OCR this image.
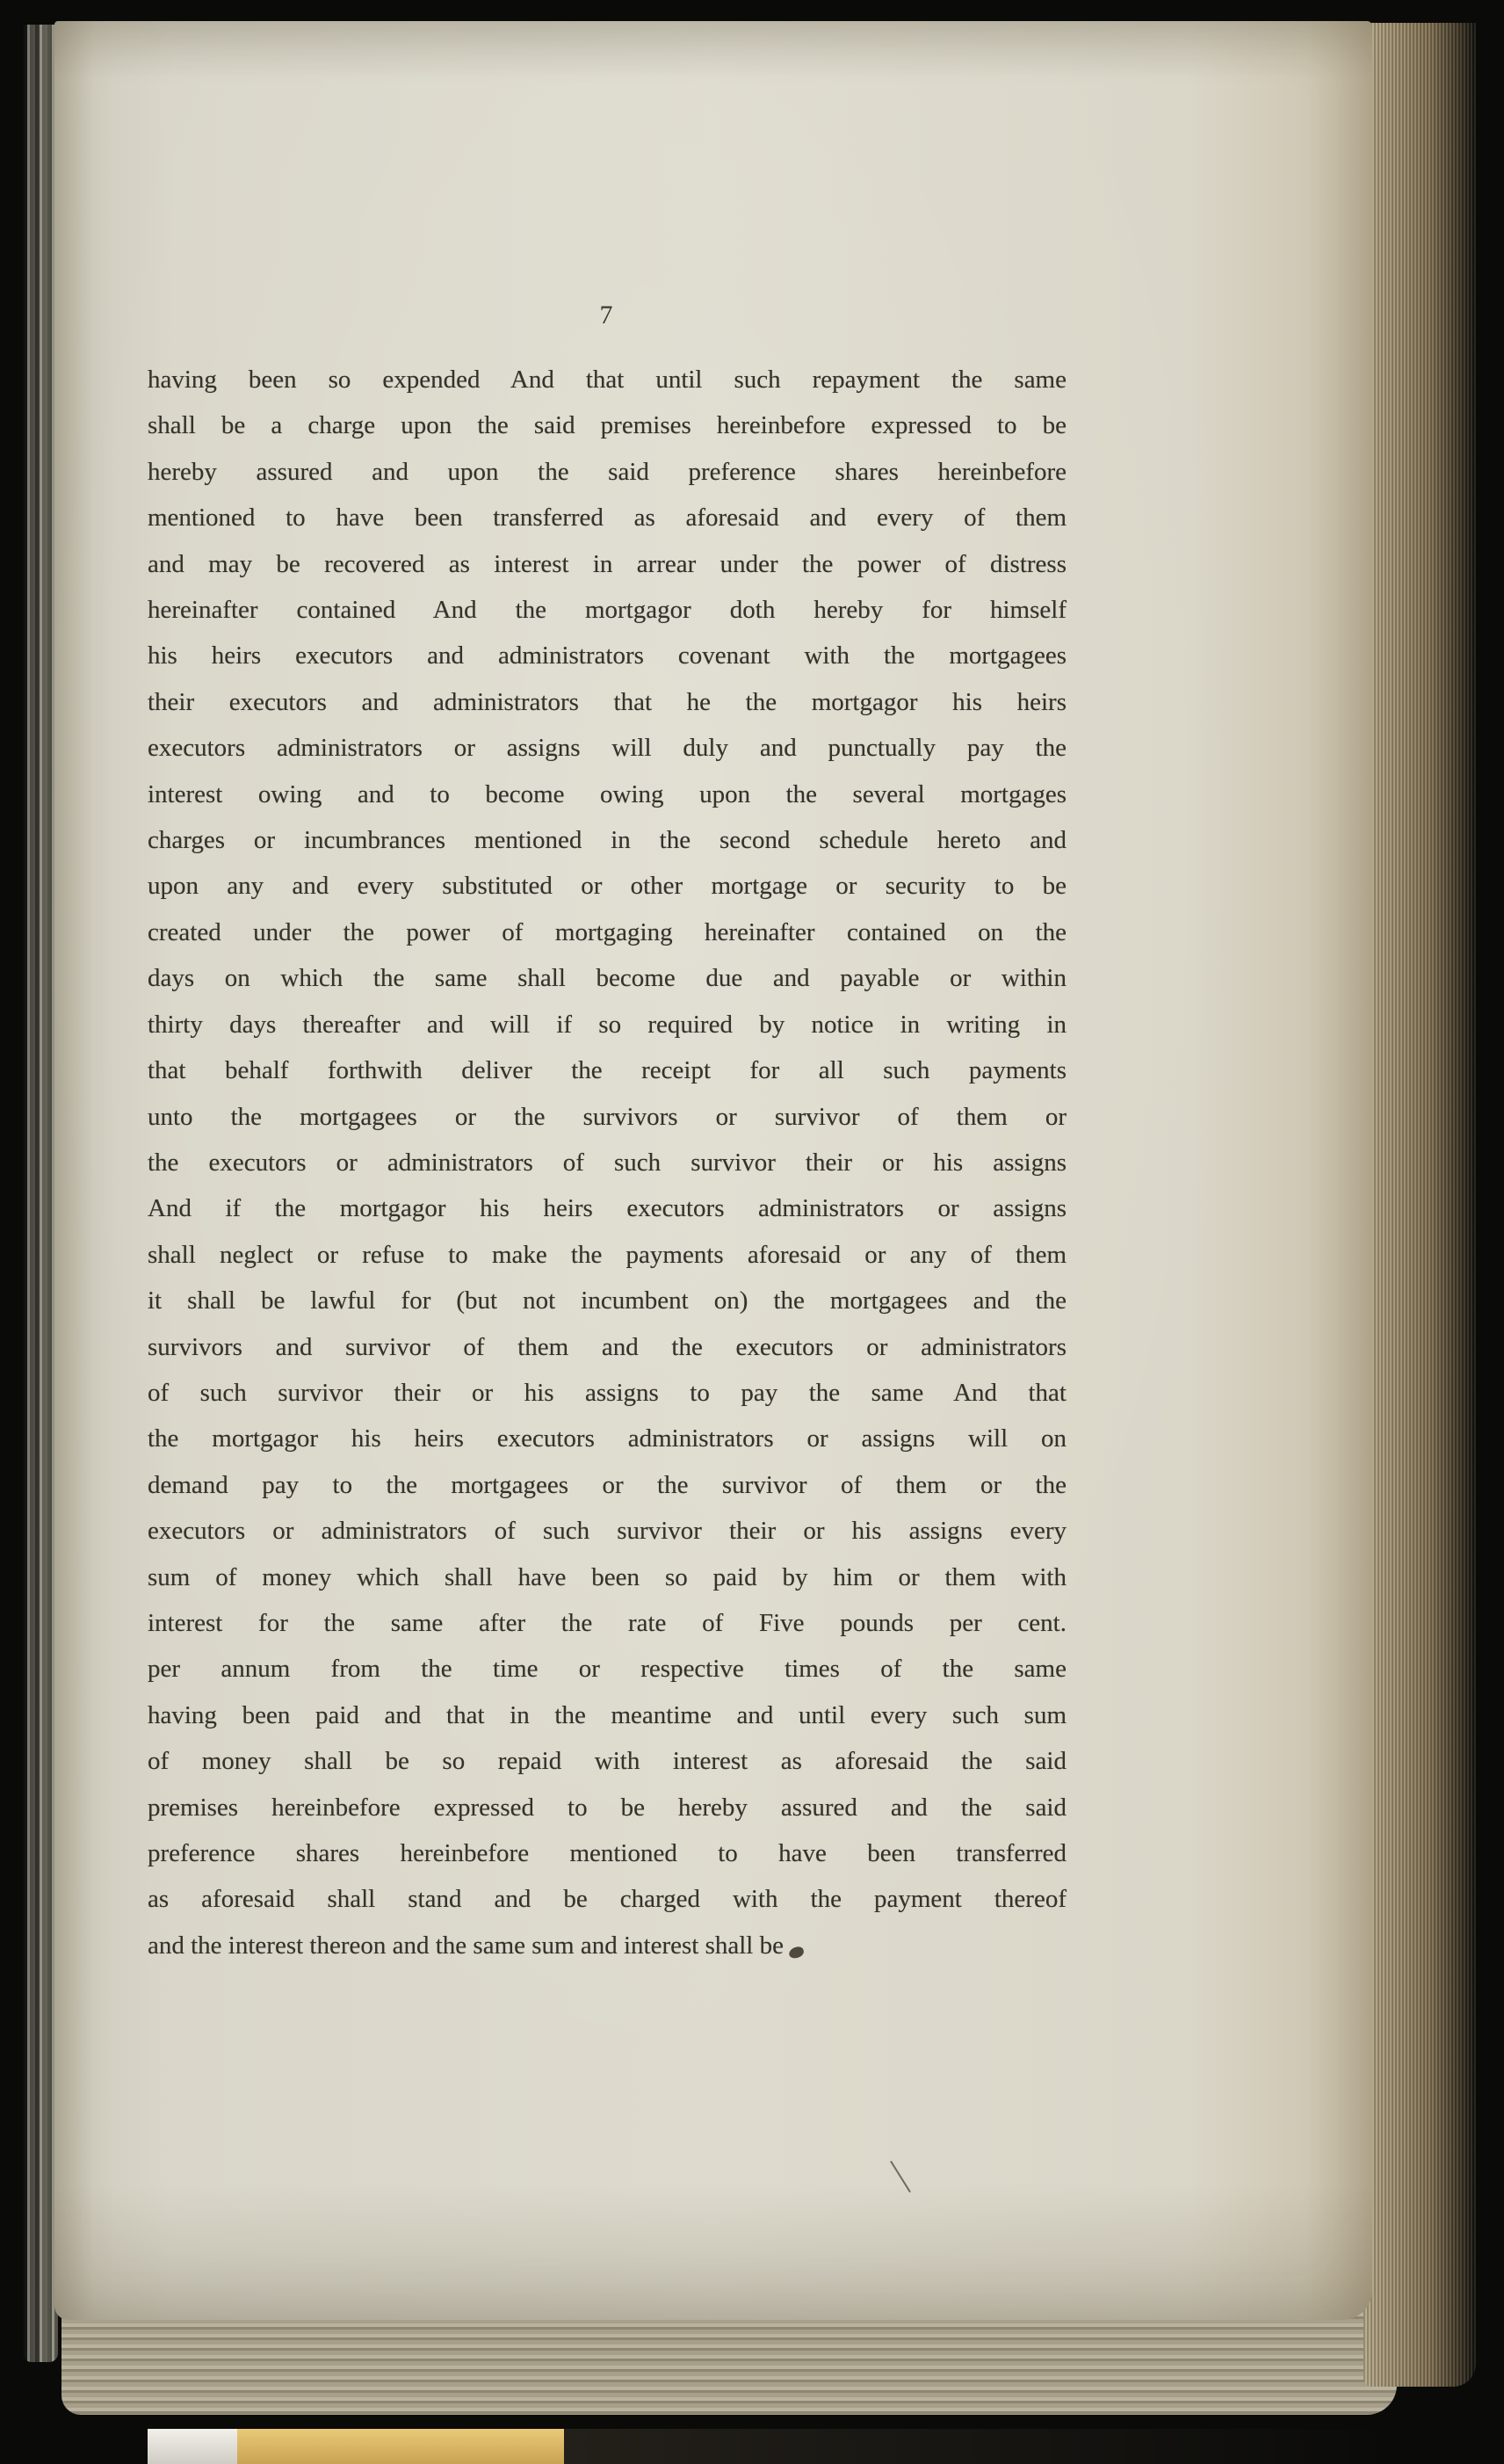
7
having been so expended And that until such repayment the same
shall be a charge upon the said premises hereinbefore expressed to be
hereby assured and upon the said preference shares hereinbefore
mentioned to have been transferred as aforesaid and every of them
and may be recovered as interest in arrear under the power of distress
hereinafter contained And the mortgagor doth hereby for himself
his heirs executors and administrators covenant with the mortgagees
their executors and administrators that he the mortgagor his heirs
executors administrators or assigns will duly and punctually pay the
interest owing and to become owing upon the several mortgages
charges or incumbrances mentioned in the second schedule hereto and
upon any and every substituted or other mortgage or security to be
created under the power of mortgaging hereinafter contained on the
days on which the same shall become due and payable or within
thirty days thereafter and will if so required by notice in writing in
that behalf forthwith deliver the receipt for all such payments
unto the mortgagees or the survivors or survivor of them or
the executors or administrators of such survivor their or his assigns
And if the mortgagor his heirs executors administrators or assigns
shall neglect or refuse to make the payments aforesaid or any of them
it shall be lawful for (but not incumbent on) the mortgagees and the
survivors and survivor of them and the executors or administrators
of such survivor their or his assigns to pay the same And that
the mortgagor his heirs executors administrators or assigns will on
demand pay to the mortgagees or the survivor of them or the
executors or administrators of such survivor their or his assigns every
sum of money which shall have been so paid by him or them with
interest for the same after the rate of Five pounds per cent.
per annum from the time or respective times of the same
having been paid and that in the meantime and until every such sum
of money shall be so repaid with interest as aforesaid the said
premises hereinbefore expressed to be hereby assured and the said
preference shares hereinbefore mentioned to have been transferred
as aforesaid shall stand and be charged with the payment thereof
and the interest thereon and the same sum and interest shall be
